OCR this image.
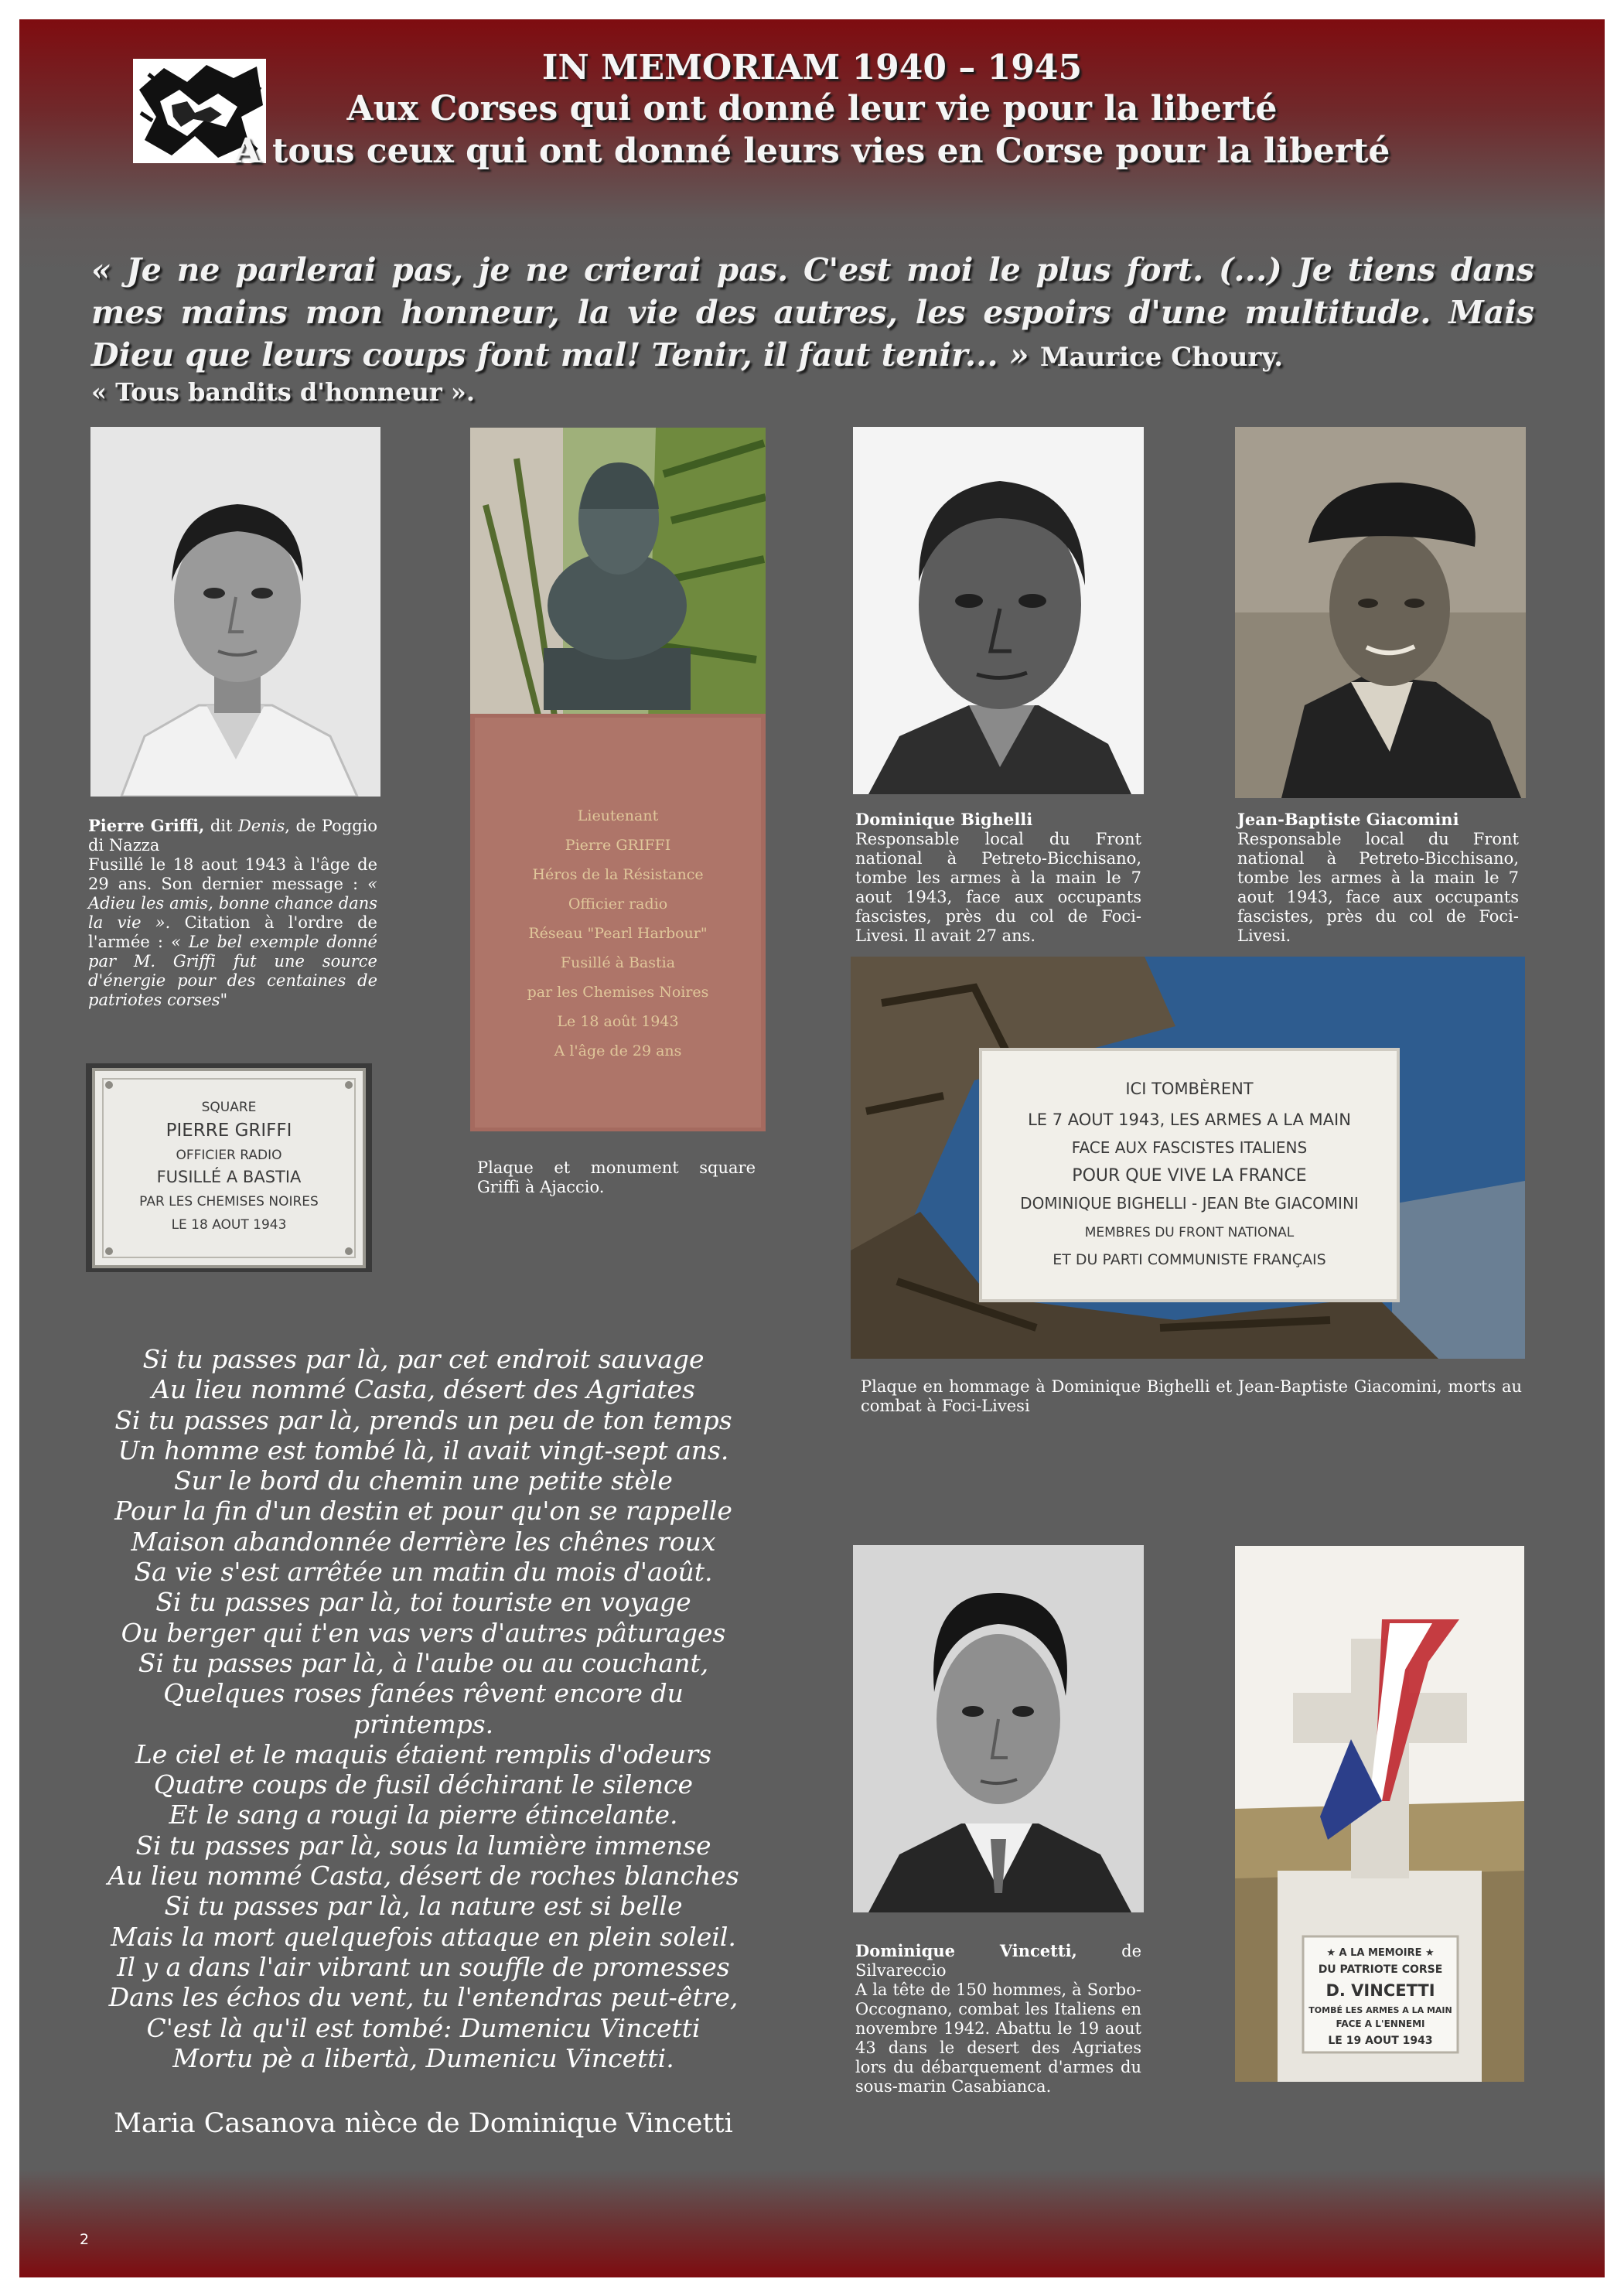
IN MEMORIAM 1940 – 1945
Aux Corses qui ont donné leur vie pour la liberté
A tous ceux qui ont donné leurs vies en Corse pour la liberté
« Je ne parlerai pas, je ne crierai pas. C'est moi le plus fort. (...) Je tiens dans mes mains mon honneur, la vie des autres, les espoirs d'une multitude. Mais Dieu que leurs coups font mal! Tenir, il faut tenir... » Maurice Choury.
« Tous bandits d'honneur ».
Pierre Griffi, dit Denis, de Poggio di Nazza
Fusillé le 18 aout 1943 à l'âge de 29 ans. Son dernier message : « Adieu les amis, bonne chance dans la vie ». Citation à l'ordre de l'armée : « Le bel exemple donné par M. Griffi fut une source d'énergie pour des centaines de patriotes corses"
SQUARE
PIERRE GRIFFI
OFFICIER RADIO
FUSILLÉ A BASTIA
PAR LES CHEMISES NOIRES
LE 18 AOUT 1943
Lieutenant
Pierre GRIFFI
Héros de la Résistance
Officier radio
Réseau "Pearl Harbour"
Fusillé à Bastia
par les Chemises Noires
Le 18 août 1943
A l'âge de 29 ans
Plaque et monument square Griffi à Ajaccio.
Dominique Bighelli
Responsable local du Front national à Petreto-Bicchisano, tombe les armes à la main le 7 aout 1943, face aux occupants fascistes, près du col de Foci-Livesi. Il avait 27 ans.
Jean-Baptiste Giacomini
Responsable local du Front national à Petreto-Bicchisano, tombe les armes à la main le 7 aout 1943, face aux occupants fascistes, près du col de Foci-Livesi.
ICI TOMBÈRENT
LE 7 AOUT 1943, LES ARMES A LA MAIN
FACE AUX FASCISTES ITALIENS
POUR QUE VIVE LA FRANCE
DOMINIQUE BIGHELLI - JEAN Bte GIACOMINI
MEMBRES DU FRONT NATIONAL
ET DU PARTI COMMUNISTE FRANÇAIS
Plaque en hommage à Dominique Bighelli et Jean-Baptiste Giacomini, morts au combat à Foci-Livesi
Si tu passes par là, par cet endroit sauvage
Au lieu nommé Casta, désert des Agriates
Si tu passes par là, prends un peu de ton temps
Un homme est tombé là, il avait vingt-sept ans.
Sur le bord du chemin une petite stèle
Pour la fin d'un destin et pour qu'on se rappelle
Maison abandonnée derrière les chênes roux
Sa vie s'est arrêtée un matin du mois d'août.
Si tu passes par là, toi touriste en voyage
Ou berger qui t'en vas vers d'autres pâturages
Si tu passes par là, à l'aube ou au couchant,
Quelques roses fanées rêvent encore du
printemps.
Le ciel et le maquis étaient remplis d'odeurs
Quatre coups de fusil déchirant le silence
Et le sang a rougi la pierre étincelante.
Si tu passes par là, sous la lumière immense
Au lieu nommé Casta, désert de roches blanches
Si tu passes par là, la nature est si belle
Mais la mort quelquefois attaque en plein soleil.
Il y a dans l'air vibrant un souffle de promesses
Dans les échos du vent, tu l'entendras peut-être,
C'est là qu'il est tombé: Dumenicu Vincetti
Mortu pè a libertà, Dumenicu Vincetti.
Maria Casanova nièce de Dominique Vincetti
Dominique Vincetti,	de Silvareccio
A la tête de 150 hommes, à Sorbo-Occognano, combat les Italiens en novembre 1942. Abattu le 19 aout 43 dans le desert des Agriates lors du débarquement d'armes du sous-marin Casabianca.
★ A LA MEMOIRE ★
DU PATRIOTE CORSE
D. VINCETTI
TOMBÉ LES ARMES A LA MAIN
FACE A L'ENNEMI
LE 19 AOUT 1943
2
